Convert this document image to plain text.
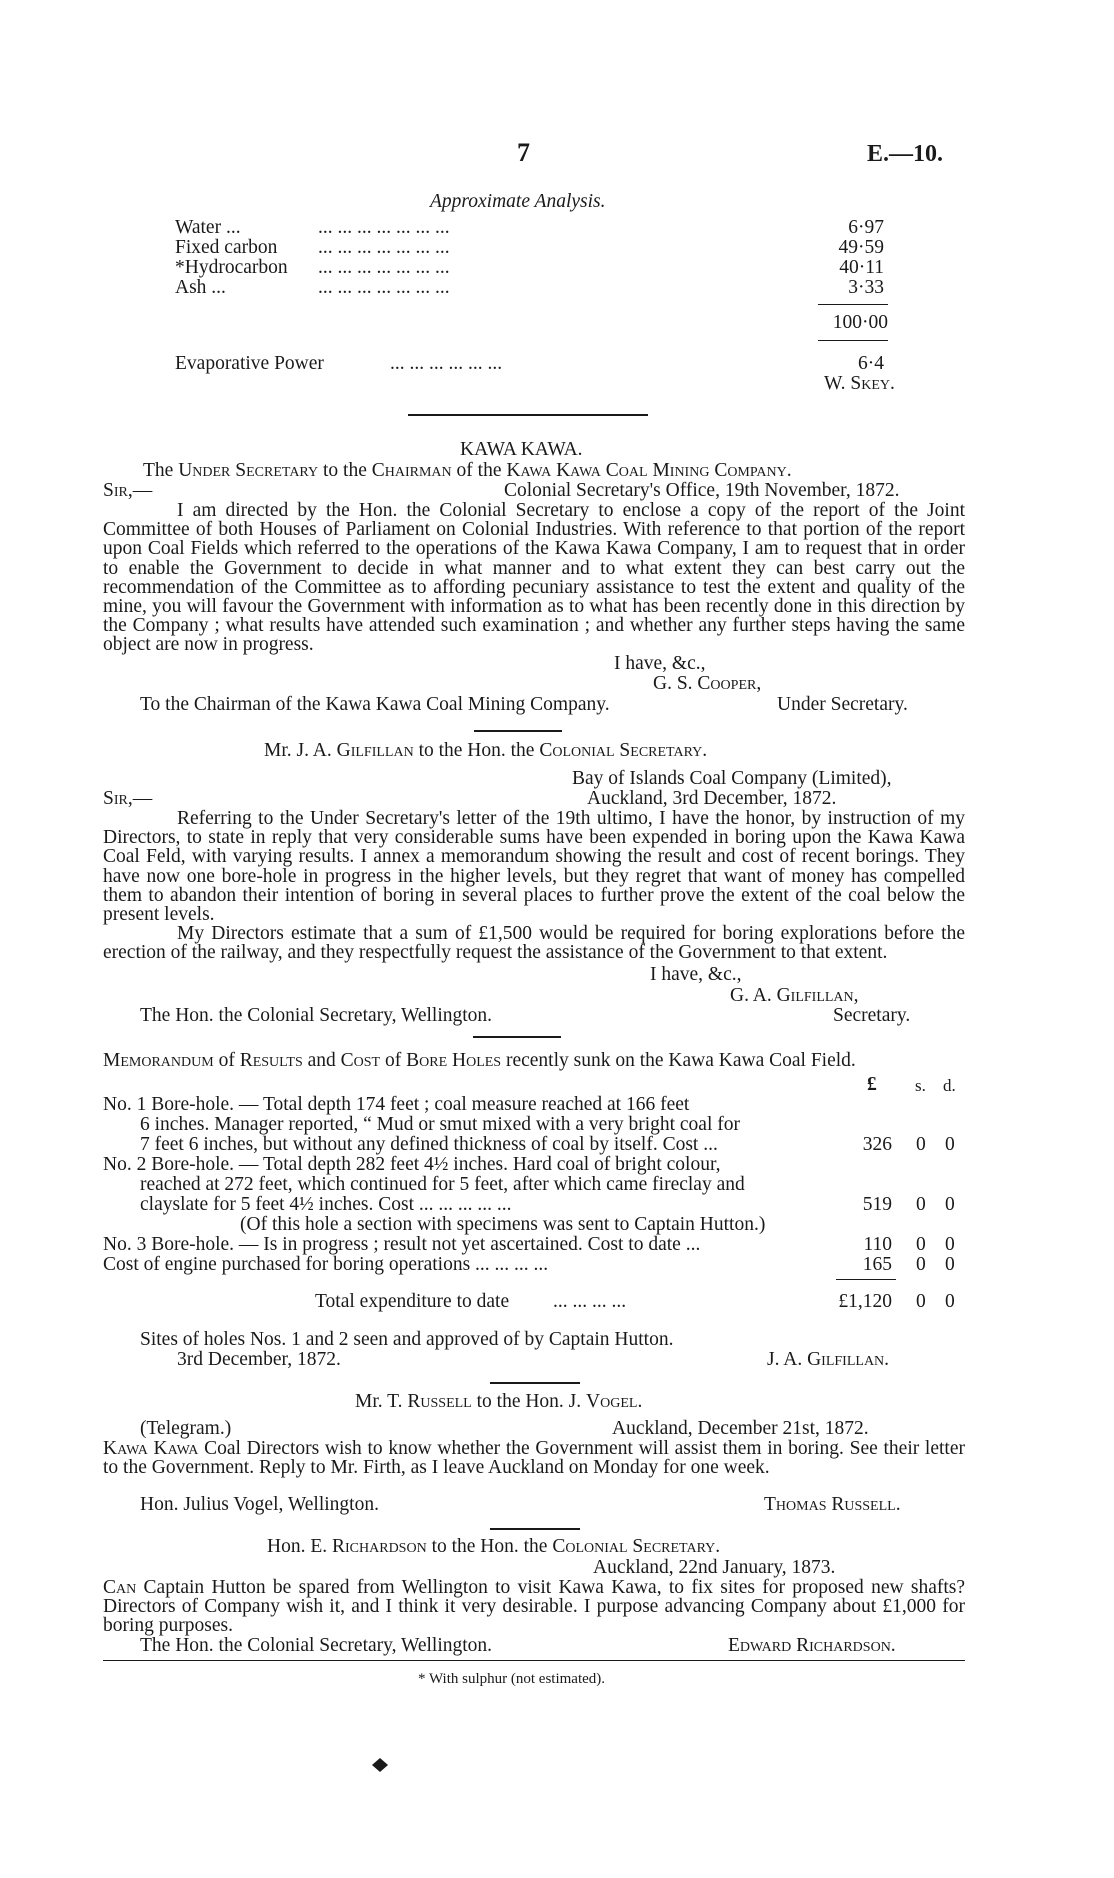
7	E.—10.
Approximate Analysis.
Water ...	... ... ... ... ... ... ...	6·97
Fixed carbon ... ... ... ... ... ... ...	49·59
*Hydrocarbon ... ... ... ... ... ... ...	40·11
Ash ...	... ... ... ... ... ... ...	3·33
100·00
Evaporative Power	... ... ... ... ... ...	6·4
W. Skey.
KAWA KAWA.
The Under Secretary to the Chairman of the Kawa Kawa Coal Mining Company.
Sir,—	Colonial Secretary's Office, 19th November, 1872.

I am directed by the Hon. the Colonial Secretary to enclose a copy of the report of the Joint Committee of both Houses of Parliament on Colonial Industries. With reference to that portion of the report upon Coal Fields which referred to the operations of the Kawa Kawa Company, I am to request that in order to enable the Government to decide in what manner and to what extent they can best carry out the recommendation of the Committee as to affording pecuniary assistance to test the extent and quality of the mine, you will favour the Government with information as to what has been recently done in this direction by the Company ; what results have attended such examination ; and whether any further steps having the same object are now in progress.

I have, &c.,
G. S. Cooper,
To the Chairman of the Kawa Kawa Coal Mining Company.	Under Secretary.
Mr. J. A. Gilfillan to the Hon. the Colonial Secretary.
Bay of Islands Coal Company (Limited),
Sir,—	Auckland, 3rd December, 1872.

Referring to the Under Secretary's letter of the 19th ultimo, I have the honor, by instruction of my Directors, to state in reply that very considerable sums have been expended in boring upon the Kawa Kawa Coal Feld, with varying results. I annex a memorandum showing the result and cost of recent borings. They have now one bore-hole in progress in the higher levels, but they regret that want of money has compelled them to abandon their intention of boring in several places to further prove the extent of the coal below the present levels.

My Directors estimate that a sum of £1,500 would be required for boring explorations before the erection of the railway, and they respectfully request the assistance of the Government to that extent.

I have, &c.,
G. A. Gilfillan,
The Hon. the Colonial Secretary, Wellington.	Secretary.
Memorandum of Results and Cost of Bore Holes recently sunk on the Kawa Kawa Coal Field.
£ s. d.
No. 1 Bore-hole. — Total depth 174 feet ; coal measure reached at 166 feet
6 inches. Manager reported, “ Mud or smut mixed with a very bright coal for
7 feet 6 inches, but without any defined thickness of coal by itself. Cost ...	326 0 0
No. 2 Bore-hole. — Total depth 282 feet 4½ inches. Hard coal of bright colour,
reached at 272 feet, which continued for 5 feet, after which came fireclay and
clayslate for 5 feet 4½ inches. Cost ... ... ... ... ...	519 0 0
(Of this hole a section with specimens was sent to Captain Hutton.)
No. 3 Bore-hole. — Is in progress ; result not yet ascertained. Cost to date ...	110 0 0
Cost of engine purchased for boring operations ... ... ... ...	165 0 0
Total expenditure to date ... ... ... ...	£1,120 0 0
Sites of holes Nos. 1 and 2 seen and approved of by Captain Hutton.
3rd December, 1872.	J. A. Gilfillan.
Mr. T. Russell to the Hon. J. Vogel.
(Telegram.)	Auckland, December 21st, 1872.

Kawa Kawa Coal Directors wish to know whether the Government will assist them in boring. See their letter to the Government. Reply to Mr. Firth, as I leave Auckland on Monday for one week.

Hon. Julius Vogel, Wellington.	Thomas Russell.
Hon. E. Richardson to the Hon. the Colonial Secretary.
Auckland, 22nd January, 1873.

Can Captain Hutton be spared from Wellington to visit Kawa Kawa, to fix sites for proposed new shafts? Directors of Company wish it, and I think it very desirable. I purpose advancing Company about £1,000 for boring purposes.

The Hon. the Colonial Secretary, Wellington.	Edward Richardson.
* With sulphur (not estimated).
